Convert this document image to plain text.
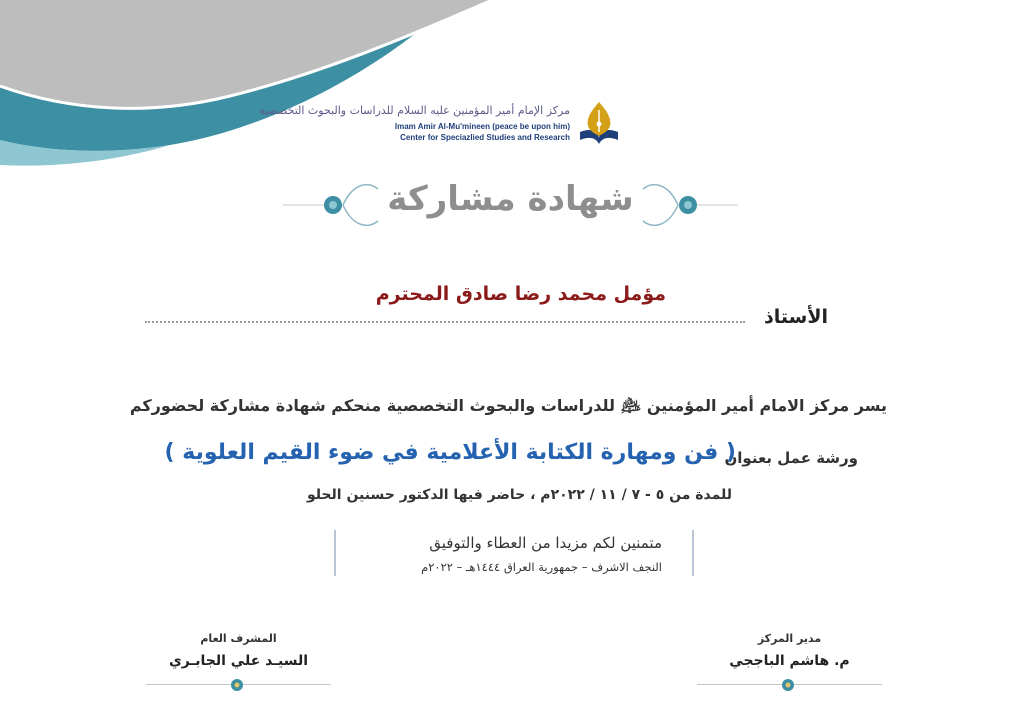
مركز الإمام أمير المؤمنين عليه السلام للدراسات والبحوث التخصصية
Imam Amir Al-Mu'mineen (peace be upon him)
Center for Speciazlied Studies and Research
شهادة مشاركة
مؤمل محمد رضا صادق المحترم
الأستاذ
يسر مركز الامام أمير المؤمنين ﵇ للدراسات والبحوث التخصصية منحكم شهادة مشاركة لحضوركم
ورشة عمل بعنوان
( فن ومهارة الكتابة الأعلامية في ضوء القيم العلوية )
للمدة من ٥ - ٧ / ١١ / ٢٠٢٢م ، حاضر فيها الدكتور حسنين الحلو
متمنين لكم مزيدا من العطاء والتوفيق
النجف الاشرف – جمهورية العراق ١٤٤٤هـ – ٢٠٢٢م
مدير المركز
م. هاشم الباججي
المشرف العام
السيـد علي الجابـري
